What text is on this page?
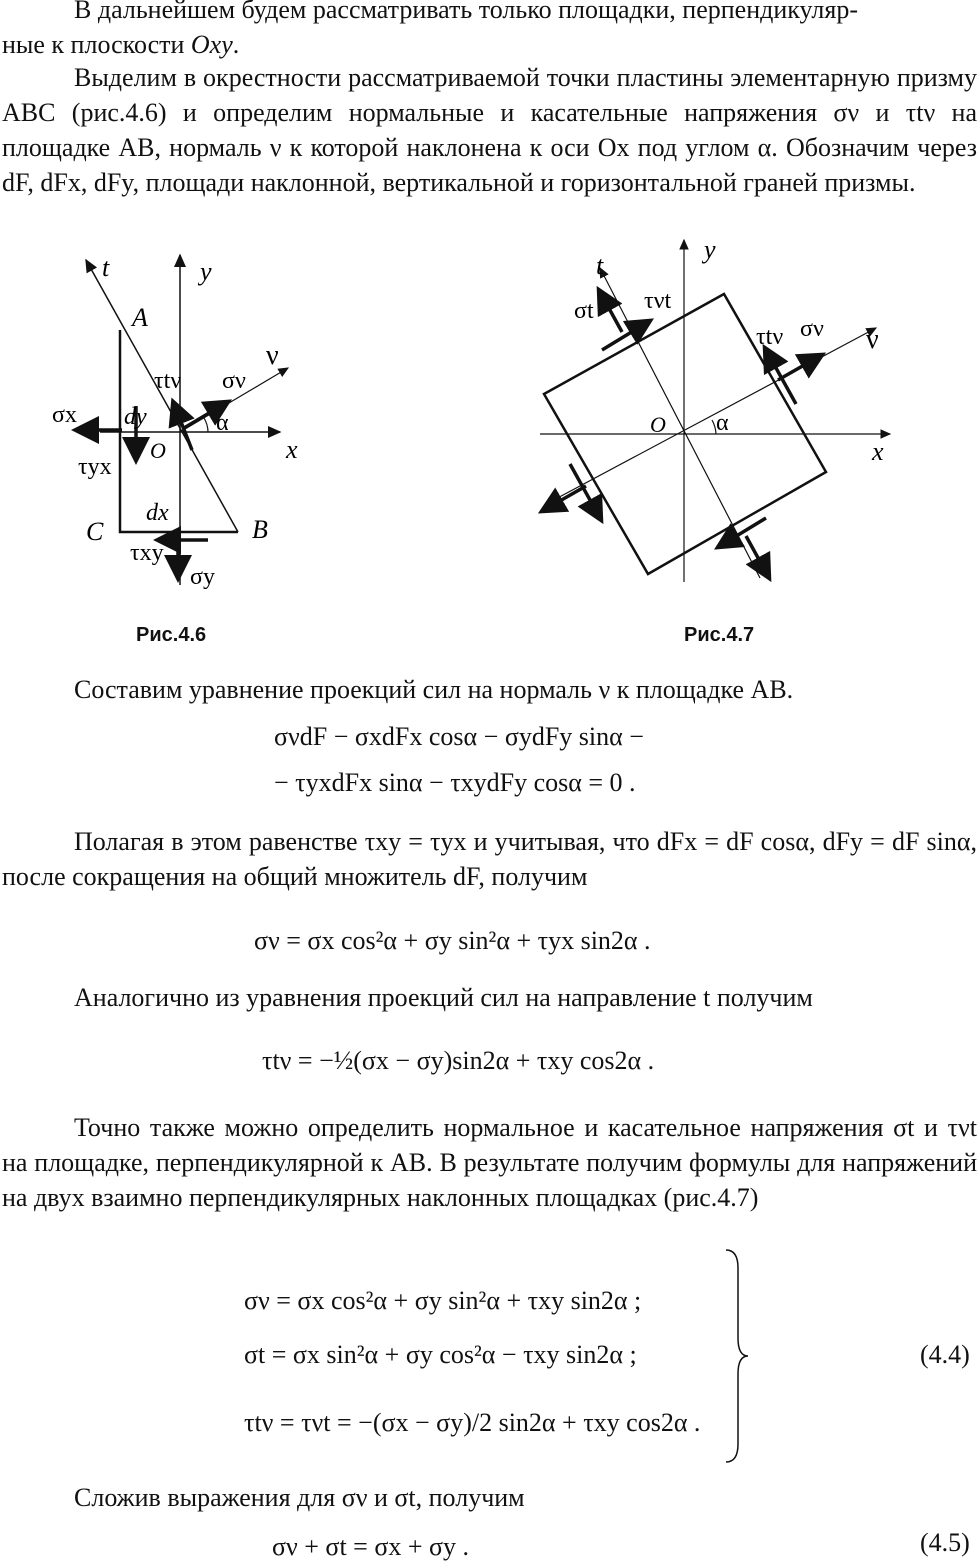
В дальнейшем будем рассматривать только площадки, перпендикуляр-
ные к плоскости Oxy.

Выделим в окрестности рассматриваемой точки пластины элементарную призму ABC (рис.4.6) и определим нормальные и касательные напряжения σν и τtν на площадке AB, нормаль ν к которой наклонена к оси Ox под углом α. Обозначим через dF, dFx, dFy, площади наклонной, вертикальной и горизонтальной граней призмы.

t	y
A
ν
τtν σν
α
σx dy
O	x
τyx
dx
C	B
τxy
σy
y
t
σt τνt
τtν σν ν
O α
x
Рис.4.6	Рис.4.7

Составим уравнение проекций сил на нормаль ν к площадке AB.

σνdF − σxdFx cosα − σydFy sinα −
− τyxdFx sinα − τxydFy cosα = 0 .

Полагая в этом равенстве τxy = τyx и учитывая, что dFx = dF cosα, dFy = dF sinα, после сокращения на общий множитель dF, получим

σν = σx cos²α + σy sin²α + τyx sin2α .

Аналогично из уравнения проекций сил на направление t получим

τtν = −½(σx − σy)sin2α + τxy cos2α .

Точно также можно определить нормальное и касательное напряжения σt и τνt на площадке, перпендикулярной к AB. В результате получим формулы для напряжений на двух взаимно перпендикулярных наклонных площадках (рис.4.7)

σν = σx cos²α + σy sin²α + τxy sin2α ;
σt = σx sin²α + σy cos²α − τxy sin2α ;
τtν = τνt = −(σx − σy)/2 sin2α + τxy cos2α .
(4.4)

Сложив выражения для σν и σt, получим

σν + σt = σx + σy .	(4.5)
